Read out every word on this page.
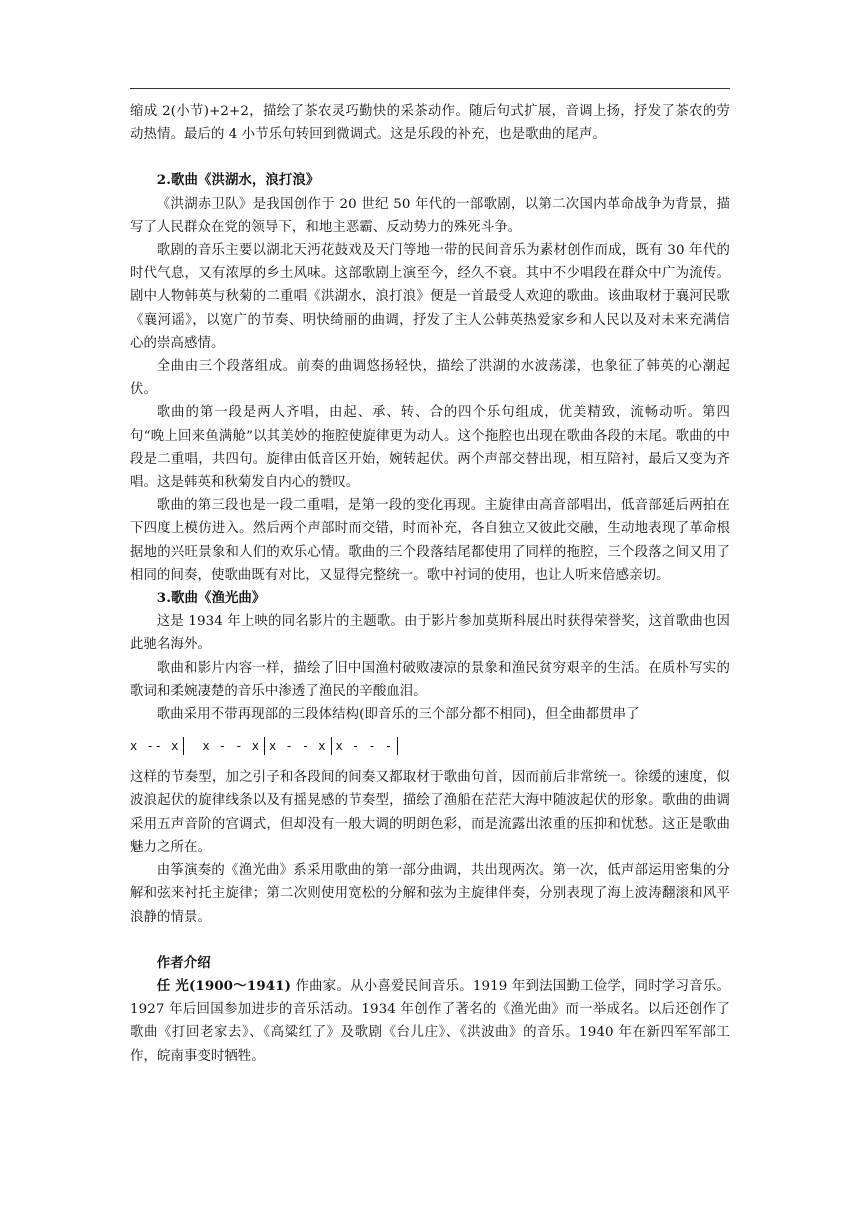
缩成 2(小节)+2+2，描绘了茶农灵巧勤快的采茶动作。随后句式扩展，音调上扬，抒发了茶农的劳动热情。最后的 4 小节乐句转回到微调式。这是乐段的补充，也是歌曲的尾声。

2.歌曲《洪湖水，浪打浪》

《洪湖赤卫队》是我国创作于 20 世纪 50 年代的一部歌剧，以第二次国内革命战争为背景，描写了人民群众在党的领导下，和地主恶霸、反动势力的殊死斗争。

歌剧的音乐主要以湖北天沔花鼓戏及天门等地一带的民间音乐为素材创作而成，既有 30 年代的时代气息，又有浓厚的乡土风味。这部歌剧上演至今，经久不衰。其中不少唱段在群众中广为流传。剧中人物韩英与秋菊的二重唱《洪湖水，浪打浪》便是一首最受人欢迎的歌曲。该曲取材于襄河民歌《襄河谣》，以宽广的节奏、明快绮丽的曲调，抒发了主人公韩英热爱家乡和人民以及对未来充满信心的崇高感情。

全曲由三个段落组成。前奏的曲调悠扬轻快，描绘了洪湖的水波荡漾，也象征了韩英的心潮起伏。

歌曲的第一段是两人齐唱，由起、承、转、合的四个乐句组成，优美精致，流畅动听。第四句“晚上回来鱼满舱”以其美妙的拖腔使旋律更为动人。这个拖腔也出现在歌曲各段的末尾。歌曲的中段是二重唱，共四句。旋律由低音区开始，婉转起伏。两个声部交替出现，相互陪衬，最后又变为齐唱。这是韩英和秋菊发自内心的赞叹。

歌曲的第三段也是一段二重唱，是第一段的变化再现。主旋律由高音部唱出，低音部延后两拍在下四度上模仿进入。然后两个声部时而交错，时而补充，各自独立又彼此交融，生动地表现了革命根据地的兴旺景象和人们的欢乐心情。歌曲的三个段落结尾都使用了同样的拖腔，三个段落之间又用了相同的间奏，使歌曲既有对比，又显得完整统一。歌中衬词的使用，也让人听来倍感亲切。

3.歌曲《渔光曲》

这是 1934 年上映的同名影片的主题歌。由于影片参加莫斯科展出时获得荣誉奖，这首歌曲也因此驰名海外。

歌曲和影片内容一样，描绘了旧中国渔村破败凄凉的景象和渔民贫穷艰辛的生活。在质朴写实的歌词和柔婉凄楚的音乐中渗透了渔民的辛酸血泪。

歌曲采用不带再现部的三段体结构(即音乐的三个部分都不相同)，但全曲都贯串了

x -- x x - - x x - - x x - - -

这样的节奏型，加之引子和各段间的间奏又都取材于歌曲句首，因而前后非常统一。徐缓的速度，似波浪起伏的旋律线条以及有摇晃感的节奏型，描绘了渔船在茫茫大海中随波起伏的形象。歌曲的曲调采用五声音阶的宫调式，但却没有一般大调的明朗色彩，而是流露出浓重的压抑和忧愁。这正是歌曲魅力之所在。

由筝演奏的《渔光曲》系采用歌曲的第一部分曲调，共出现两次。第一次，低声部运用密集的分解和弦来衬托主旋律；第二次则使用宽松的分解和弦为主旋律伴奏，分别表现了海上波涛翻滚和风平浪静的情景。

作者介绍

任 光(1900～1941) 作曲家。从小喜爱民间音乐。1919 年到法国勤工俭学，同时学习音乐。1927 年后回国参加进步的音乐活动。1934 年创作了著名的《渔光曲》而一举成名。以后还创作了歌曲《打回老家去》、《高粱红了》及歌剧《台儿庄》、《洪波曲》的音乐。1940 年在新四军军部工作，皖南事变时牺牲。
